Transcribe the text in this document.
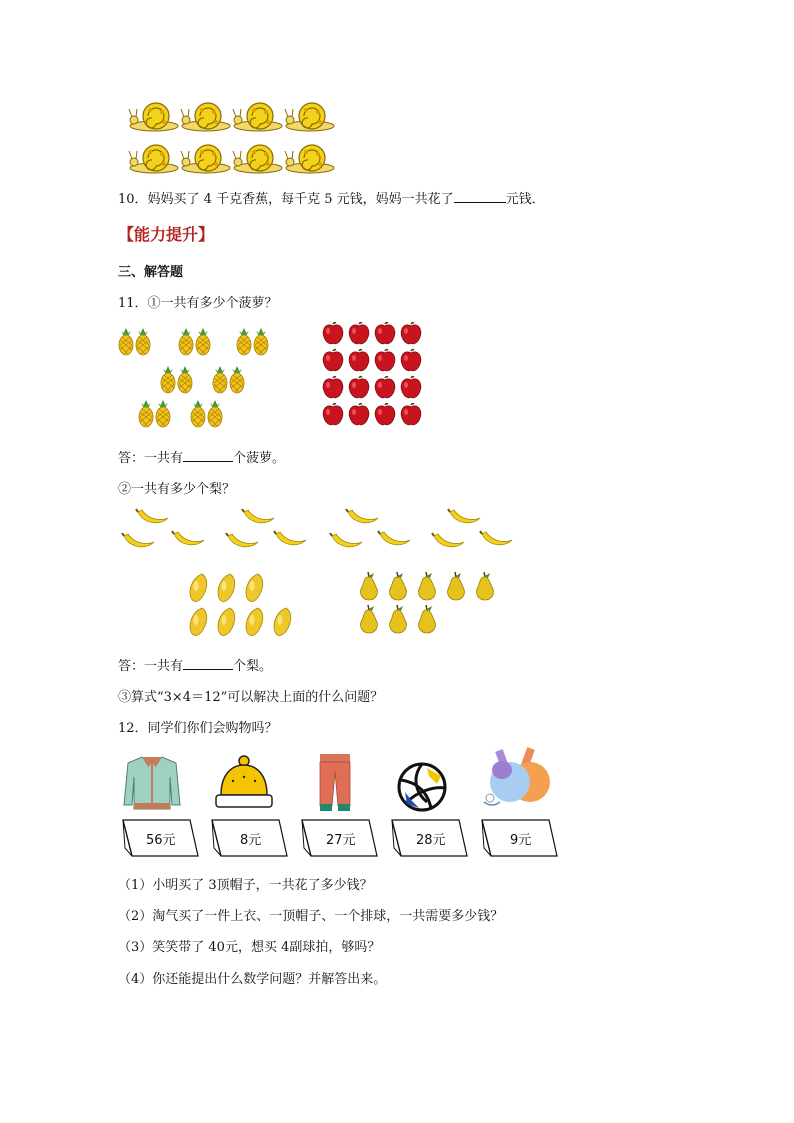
10．妈妈买了 4 千克香蕉，每千克 5 元钱，妈妈一共花了	元钱．
【能力提升】
三、解答题
11．①一共有多少个菠萝？
答：一共有	个菠萝。
②一共有多少个梨？
答：一共有	个梨。
③算式“3×4＝12”可以解决上面的什么问题？
12．同学们你们会购物吗？
56元	8元	27元	28元	9元
（1）小明买了 3顶帽子，一共花了多少钱？
（2）淘气买了一件上衣、一顶帽子、一个排球，一共需要多少钱？
（3）笑笑带了 40元，想买 4副球拍，够吗？
（4）你还能提出什么数学问题？并解答出来。
